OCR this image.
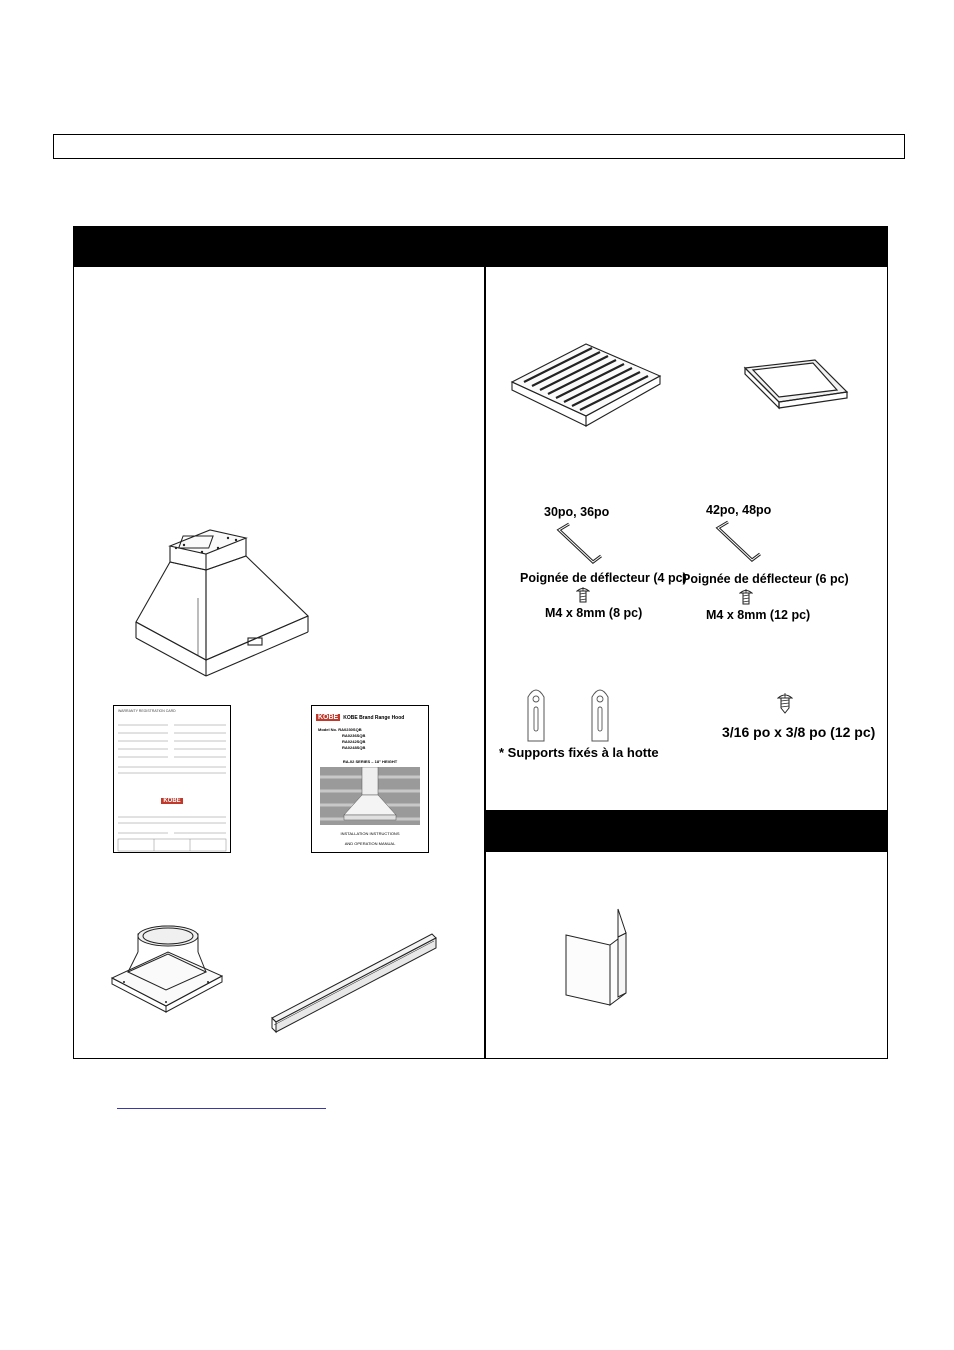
WARRANTY REGISTRATION CARD
KOBE
KOBE	KOBE Brand Range Hood
Model No. RA0230SQB
RA0236SQB
RA0242SQB
RA0248SQB
RA-02 SERIES – 18" HEIGHT
INSTALLATION INSTRUCTIONS
AND OPERATION MANUAL
30po, 36po
Poignée de déflecteur (4 pc)
M4 x 8mm (8 pc)
42po, 48po
Poignée de déflecteur (6 pc)
M4 x 8mm (12 pc)
* Supports fixés à la hotte
3/16 po x 3/8 po (12 pc)
